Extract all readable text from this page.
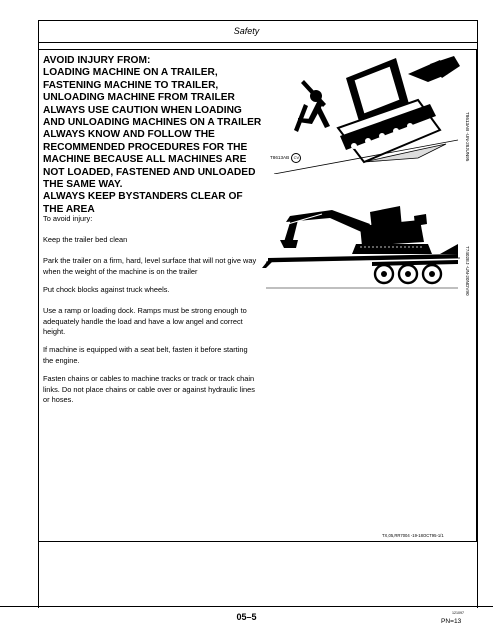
Safety
AVOID INJURY FROM:
LOADING MACHINE ON A TRAILER,
FASTENING MACHINE TO TRAILER,
UNLOADING MACHINE FROM TRAILER
ALWAYS USE CAUTION WHEN LOADING
AND UNLOADING MACHINES ON A TRAILER
ALWAYS KNOW AND FOLLOW THE
RECOMMENDED PROCEDURES FOR THE
MACHINE BECAUSE ALL MACHINES ARE
NOT LOADED, FASTENED AND UNLOADED
THE SAME WAY.
ALWAYS KEEP BYSTANDERS CLEAR OF
THE AREA

To avoid injury:

Keep the trailer bed clean

Park the trailer on a firm, hard, level surface that will not give way when the weight of the machine is on the trailer

Put chock blocks against truck wheels.

Use a ramp or loading dock. Ramps must be strong enough to adequately handle the load and have a low angel and correct height.

If machine is equipped with a seat belt, fasten it before starting the engine.

Fasten chains or cables to machine tracks or track or track chain links. Do not place chains or cable over or against hydraulic lines or hoses.

T8613AB CV	T8613AB -UN-28JUN95
T7402EJ -UN-20NOV90
TX,05,RR7004 -19-18OCT95-1/1
05–5	121097
PN=13
